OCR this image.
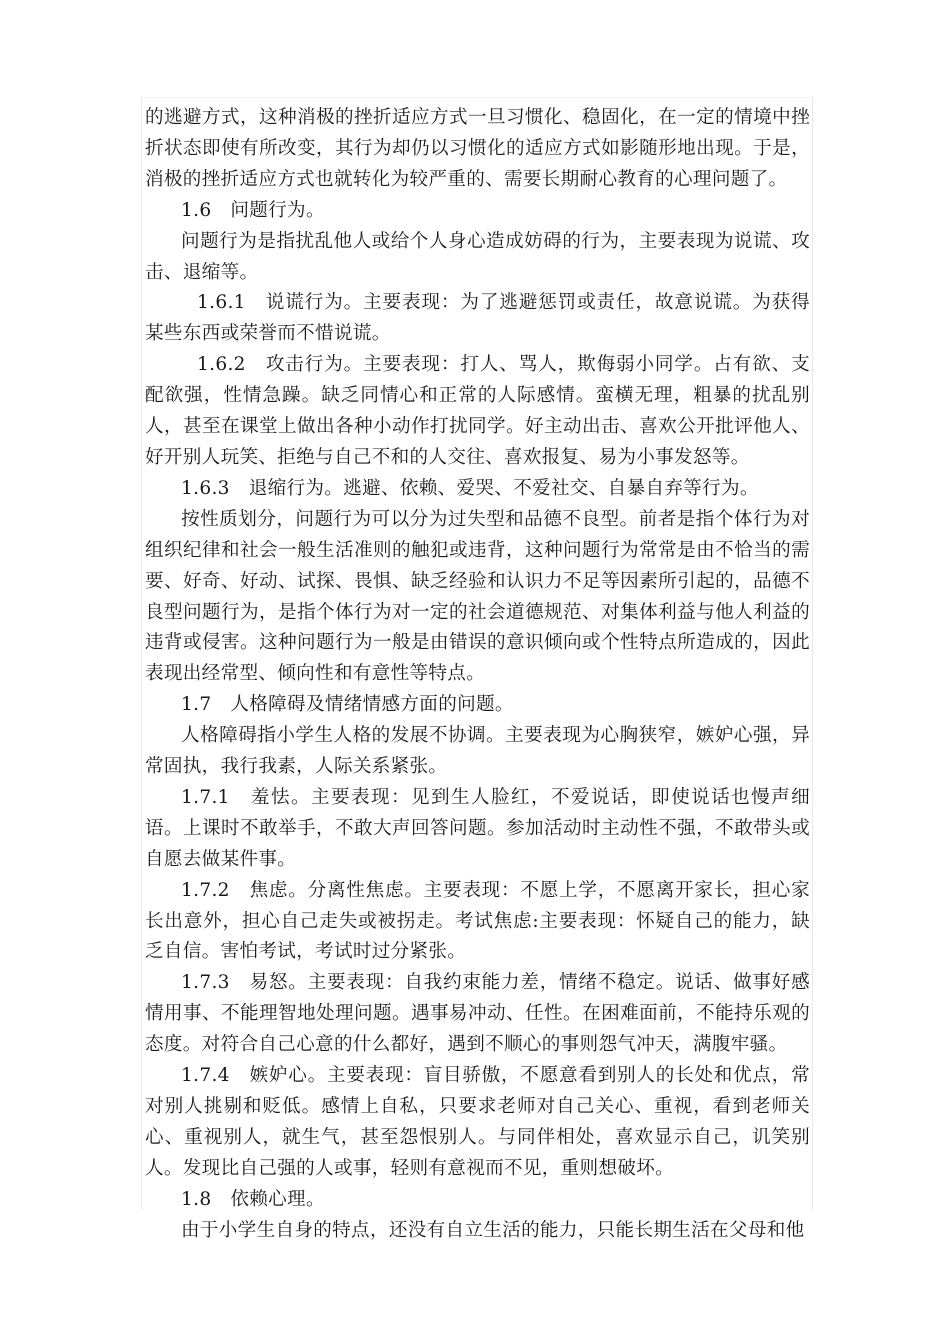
的逃避方式，这种消极的挫折适应方式一旦习惯化、稳固化，在一定的情境中挫折状态即使有所改变，其行为却仍以习惯化的适应方式如影随形地出现。于是，消极的挫折适应方式也就转化为较严重的、需要长期耐心教育的心理问题了。

1.6　问题行为。

问题行为是指扰乱他人或给个人身心造成妨碍的行为，主要表现为说谎、攻击、退缩等。

1.6.1　说谎行为。主要表现：为了逃避惩罚或责任，故意说谎。为获得某些东西或荣誉而不惜说谎。

1.6.2　攻击行为。主要表现：打人、骂人，欺侮弱小同学。占有欲、支配欲强，性情急躁。缺乏同情心和正常的人际感情。蛮横无理，粗暴的扰乱别人，甚至在课堂上做出各种小动作打扰同学。好主动出击、喜欢公开批评他人、好开别人玩笑、拒绝与自己不和的人交往、喜欢报复、易为小事发怒等。

1.6.3　退缩行为。逃避、依赖、爱哭、不爱社交、自暴自弃等行为。

按性质划分，问题行为可以分为过失型和品德不良型。前者是指个体行为对组织纪律和社会一般生活准则的触犯或违背，这种问题行为常常是由不恰当的需要、好奇、好动、试探、畏惧、缺乏经验和认识力不足等因素所引起的，品德不良型问题行为，是指个体行为对一定的社会道德规范、对集体利益与他人利益的违背或侵害。这种问题行为一般是由错误的意识倾向或个性特点所造成的，因此表现出经常型、倾向性和有意性等特点。

1.7　人格障碍及情绪情感方面的问题。

人格障碍指小学生人格的发展不协调。主要表现为心胸狭窄，嫉妒心强，异常固执，我行我素，人际关系紧张。

1.7.1　羞怯。主要表现：见到生人脸红，不爱说话，即使说话也慢声细语。上课时不敢举手，不敢大声回答问题。参加活动时主动性不强，不敢带头或自愿去做某件事。

1.7.2　焦虑。分离性焦虑。主要表现：不愿上学，不愿离开家长，担心家长出意外，担心自己走失或被拐走。考试焦虑:主要表现：怀疑自己的能力，缺乏自信。害怕考试，考试时过分紧张。

1.7.3　易怒。主要表现：自我约束能力差，情绪不稳定。说话、做事好感情用事、不能理智地处理问题。遇事易冲动、任性。在困难面前，不能持乐观的态度。对符合自己心意的什么都好，遇到不顺心的事则怨气冲天，满腹牢骚。

1.7.4　嫉妒心。主要表现：盲目骄傲，不愿意看到别人的长处和优点，常对别人挑剔和贬低。感情上自私，只要求老师对自己关心、重视，看到老师关心、重视别人，就生气，甚至怨恨别人。与同伴相处，喜欢显示自己，讥笑别人。发现比自己强的人或事，轻则有意视而不见，重则想破坏。

1.8　依赖心理。

由于小学生自身的特点，还没有自立生活的能力，只能长期生活在父母和他
